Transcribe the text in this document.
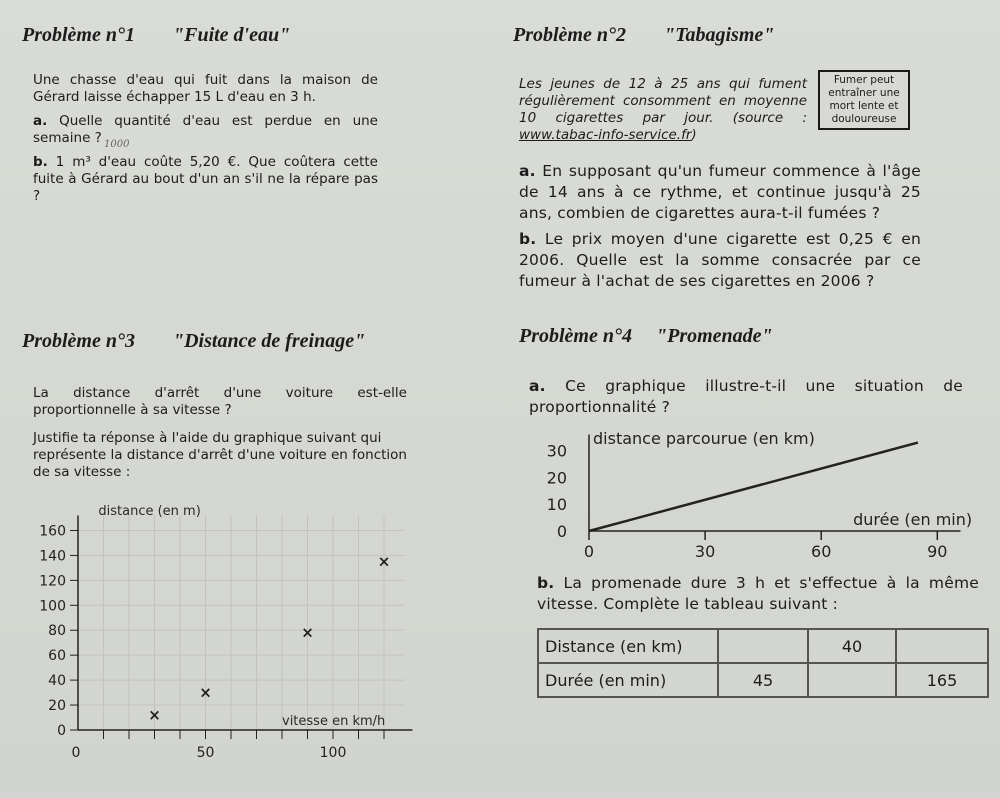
Problème n°1 "Fuite d'eau"
Une chasse d'eau qui fuit dans la maison de Gérard laisse échapper 15 L d'eau en 3 h.
a. Quelle quantité d'eau est perdue en une semaine ? 1000
b. 1 m³ d'eau coûte 5,20 €. Que coûtera cette fuite à Gérard au bout d'un an s'il ne la répare pas ?
Problème n°2 "Tabagisme"
Les jeunes de 12 à 25 ans qui fument régulièrement consomment en moyenne 10 cigarettes par jour. (source : www.tabac-info-service.fr)
Fumer peut entraîner une mort lente et douloureuse
a. En supposant qu'un fumeur commence à l'âge de 14 ans à ce rythme, et continue jusqu'à 25 ans, combien de cigarettes aura-t-il fumées ?
b. Le prix moyen d'une cigarette est 0,25 € en 2006. Quelle est la somme consacrée par ce fumeur à l'achat de ses cigarettes en 2006 ?
Problème n°3 "Distance de freinage"
La distance d'arrêt d'une voiture est-elle proportionnelle à sa vitesse ?
Justifie ta réponse à l'aide du graphique suivant qui représente la distance d'arrêt d'une voiture en fonction de sa vitesse :
0
20
40
60
80
100
120
140
160
0	50	100
distance (en m)
vitesse en km/h
×
×
×
×
Problème n°4 "Promenade"
a. Ce graphique illustre-t-il une situation de proportionnalité ?
0	30	60	90
0
10
20
30
distance parcourue (en km)
durée (en min)
b. La promenade dure 3 h et s'effectue à la même vitesse. Complète le tableau suivant :
Distance (en km)		40	
Durée (en min)	45		165
